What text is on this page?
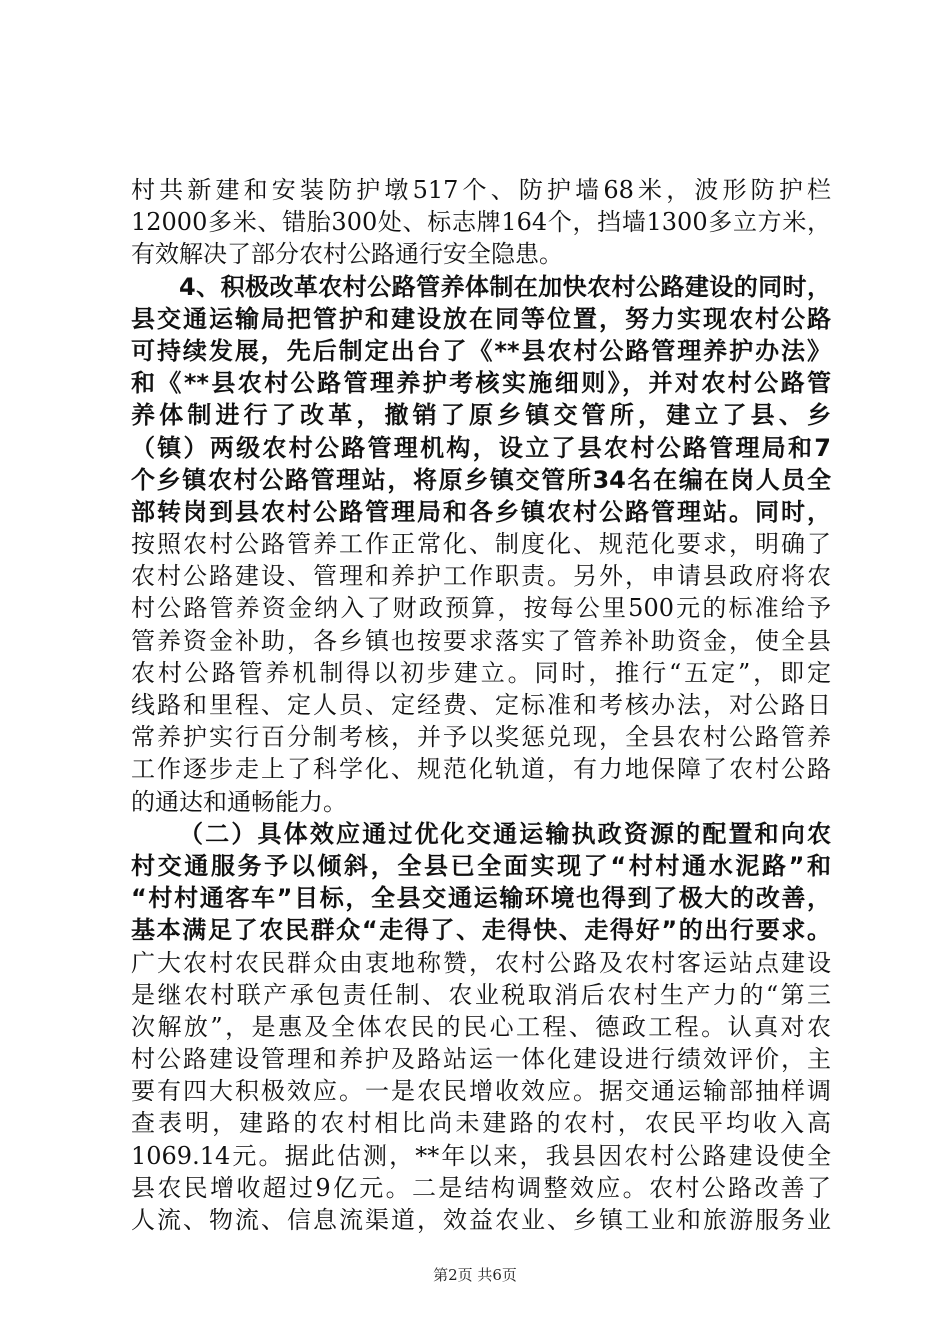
村共新建和安装防护墩517个、防护墙68米，波形防护栏
12000多米、错胎300处、标志牌164个，挡墙1300多立方米，
有效解决了部分农村公路通行安全隐患。
4、积极改革农村公路管养体制在加快农村公路建设的同时，
县交通运输局把管护和建设放在同等位置，努力实现农村公路
可持续发展，先后制定出台了《**县农村公路管理养护办法》
和《**县农村公路管理养护考核实施细则》，并对农村公路管
养体制进行了改革，撤销了原乡镇交管所，建立了县、乡
（镇）两级农村公路管理机构，设立了县农村公路管理局和7
个乡镇农村公路管理站，将原乡镇交管所34名在编在岗人员全
部转岗到县农村公路管理局和各乡镇农村公路管理站。同时，
按照农村公路管养工作正常化、制度化、规范化要求，明确了
农村公路建设、管理和养护工作职责。另外，申请县政府将农
村公路管养资金纳入了财政预算，按每公里500元的标准给予
管养资金补助，各乡镇也按要求落实了管养补助资金，使全县
农村公路管养机制得以初步建立。同时，推行“五定”，即定
线路和里程、定人员、定经费、定标准和考核办法，对公路日
常养护实行百分制考核，并予以奖惩兑现，全县农村公路管养
工作逐步走上了科学化、规范化轨道，有力地保障了农村公路
的通达和通畅能力。
（二）具体效应通过优化交通运输执政资源的配置和向农
村交通服务予以倾斜，全县已全面实现了“村村通水泥路”和
“村村通客车”目标，全县交通运输环境也得到了极大的改善，
基本满足了农民群众“走得了、走得快、走得好”的出行要求。
广大农村农民群众由衷地称赞，农村公路及农村客运站点建设
是继农村联产承包责任制、农业税取消后农村生产力的“第三
次解放”，是惠及全体农民的民心工程、德政工程。认真对农
村公路建设管理和养护及路站运一体化建设进行绩效评价，主
要有四大积极效应。一是农民增收效应。据交通运输部抽样调
查表明，建路的农村相比尚未建路的农村，农民平均收入高
1069.14元。据此估测，**年以来，我县因农村公路建设使全
县农民增收超过9亿元。二是结构调整效应。农村公路改善了
人流、物流、信息流渠道，效益农业、乡镇工业和旅游服务业
第2页 共6页
